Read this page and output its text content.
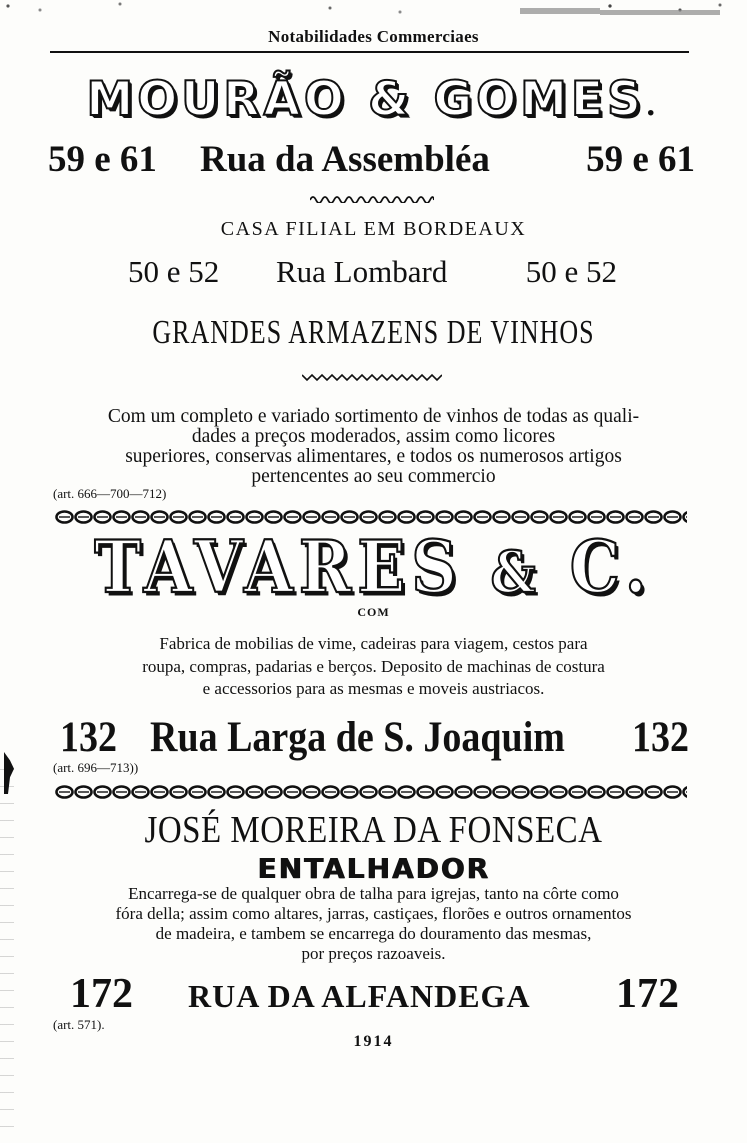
Notabilidades Commerciaes
MOURÃO & GOMES.
59 e 61 Rua da Assembléa	59 e 61
CASA FILIAL EM BORDEAUX
50 e 52 Rua Lombard	50 e 52
GRANDES ARMAZENS DE VINHOS
Com um completo e variado sortimento de vinhos de todas as quali-
dades a preços moderados, assim como licores
superiores, conservas alimentares, e todos os numerosos artigos
pertencentes ao seu commercio
(art. 666—700—712)
TAVARES & C.
COM
Fabrica de mobilias de vime, cadeiras para viagem, cestos para
roupa, compras, padarias e berços. Deposito de machinas de costura
e accessorios para as mesmas e moveis austriacos.
132 Rua Larga de S. Joaquim 132
(art. 696—713))
JOSÉ MOREIRA DA FONSECA
ENTALHADOR
Encarrega-se de qualquer obra de talha para igrejas, tanto na côrte como
fóra della; assim como altares, jarras, castiçaes, florões e outros ornamentos
de madeira, e tambem se encarrega do douramento das mesmas,
por preços razoaveis.
172 RUA DA ALFANDEGA 172
(art. 571).
1914
